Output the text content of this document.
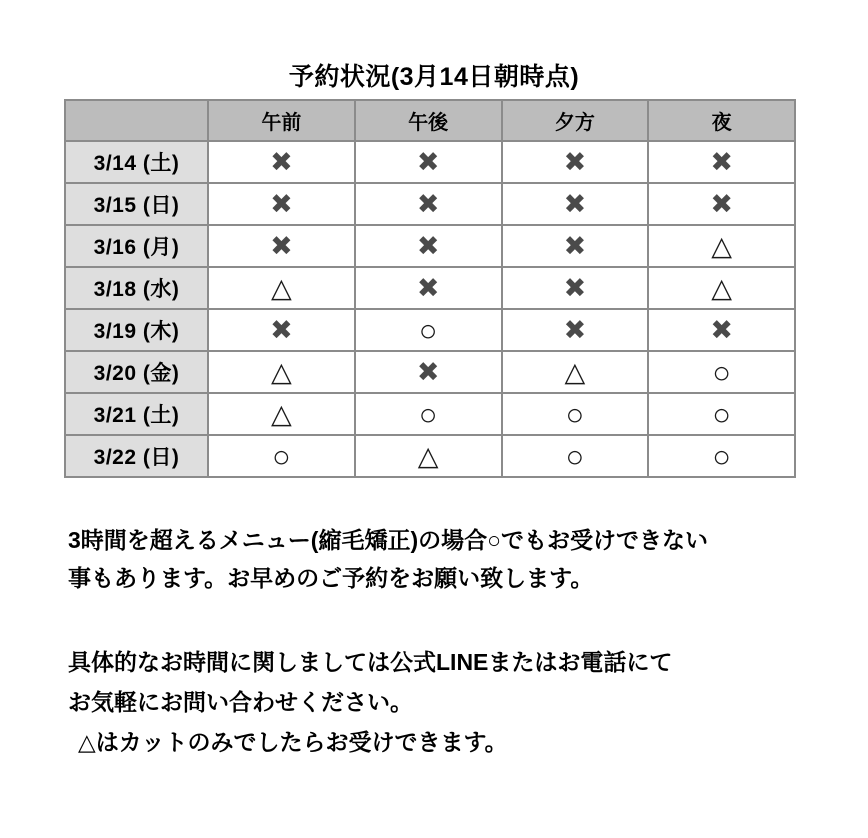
予約状況(3月14日朝時点)
	午前	午後	夕方	夜
3/14 (土)	✖	✖	✖	✖
3/15 (日)	✖	✖	✖	✖
3/16 (月)	✖	✖	✖	△
3/18 (水)	△	✖	✖	△
3/19 (木)	✖	○	✖	✖
3/20 (金)	△	✖	△	○
3/21 (土)	△	○	○	○
3/22 (日)	○	△	○	○

3時間を超えるメニュー(縮毛矯正)の場合○でもお受けできない
事もあります。お早めのご予約をお願い致します。

具体的なお時間に関しましては公式LINEまたはお電話にて
お気軽にお問い合わせください。
△はカットのみでしたらお受けできます。
